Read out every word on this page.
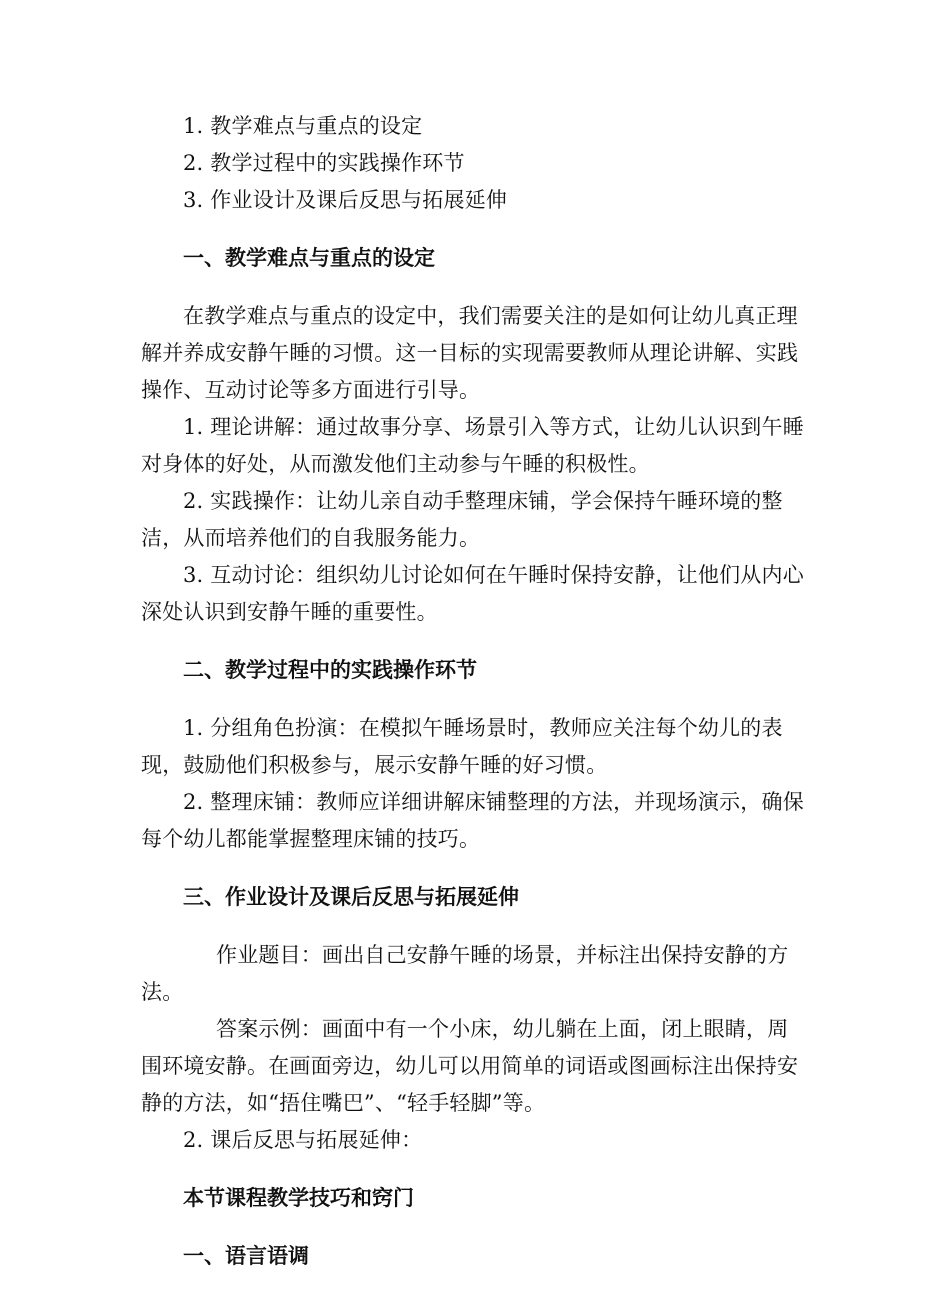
1. 教学难点与重点的设定

2. 教学过程中的实践操作环节

3. 作业设计及课后反思与拓展延伸

一、教学难点与重点的设定

在教学难点与重点的设定中，我们需要关注的是如何让幼儿真正理解并养成安静午睡的习惯。这一目标的实现需要教师从理论讲解、实践操作、互动讨论等多方面进行引导。

1. 理论讲解：通过故事分享、场景引入等方式，让幼儿认识到午睡对身体的好处，从而激发他们主动参与午睡的积极性。

2. 实践操作：让幼儿亲自动手整理床铺，学会保持午睡环境的整洁，从而培养他们的自我服务能力。

3. 互动讨论：组织幼儿讨论如何在午睡时保持安静，让他们从内心深处认识到安静午睡的重要性。

二、教学过程中的实践操作环节

1. 分组角色扮演：在模拟午睡场景时，教师应关注每个幼儿的表现，鼓励他们积极参与，展示安静午睡的好习惯。

2. 整理床铺：教师应详细讲解床铺整理的方法，并现场演示，确保每个幼儿都能掌握整理床铺的技巧。

三、作业设计及课后反思与拓展延伸

作业题目：画出自己安静午睡的场景，并标注出保持安静的方法。

答案示例：画面中有一个小床，幼儿躺在上面，闭上眼睛，周围环境安静。在画面旁边，幼儿可以用简单的词语或图画标注出保持安静的方法，如“捂住嘴巴”、“轻手轻脚”等。

2. 课后反思与拓展延伸：

本节课程教学技巧和窍门

一、语言语调
